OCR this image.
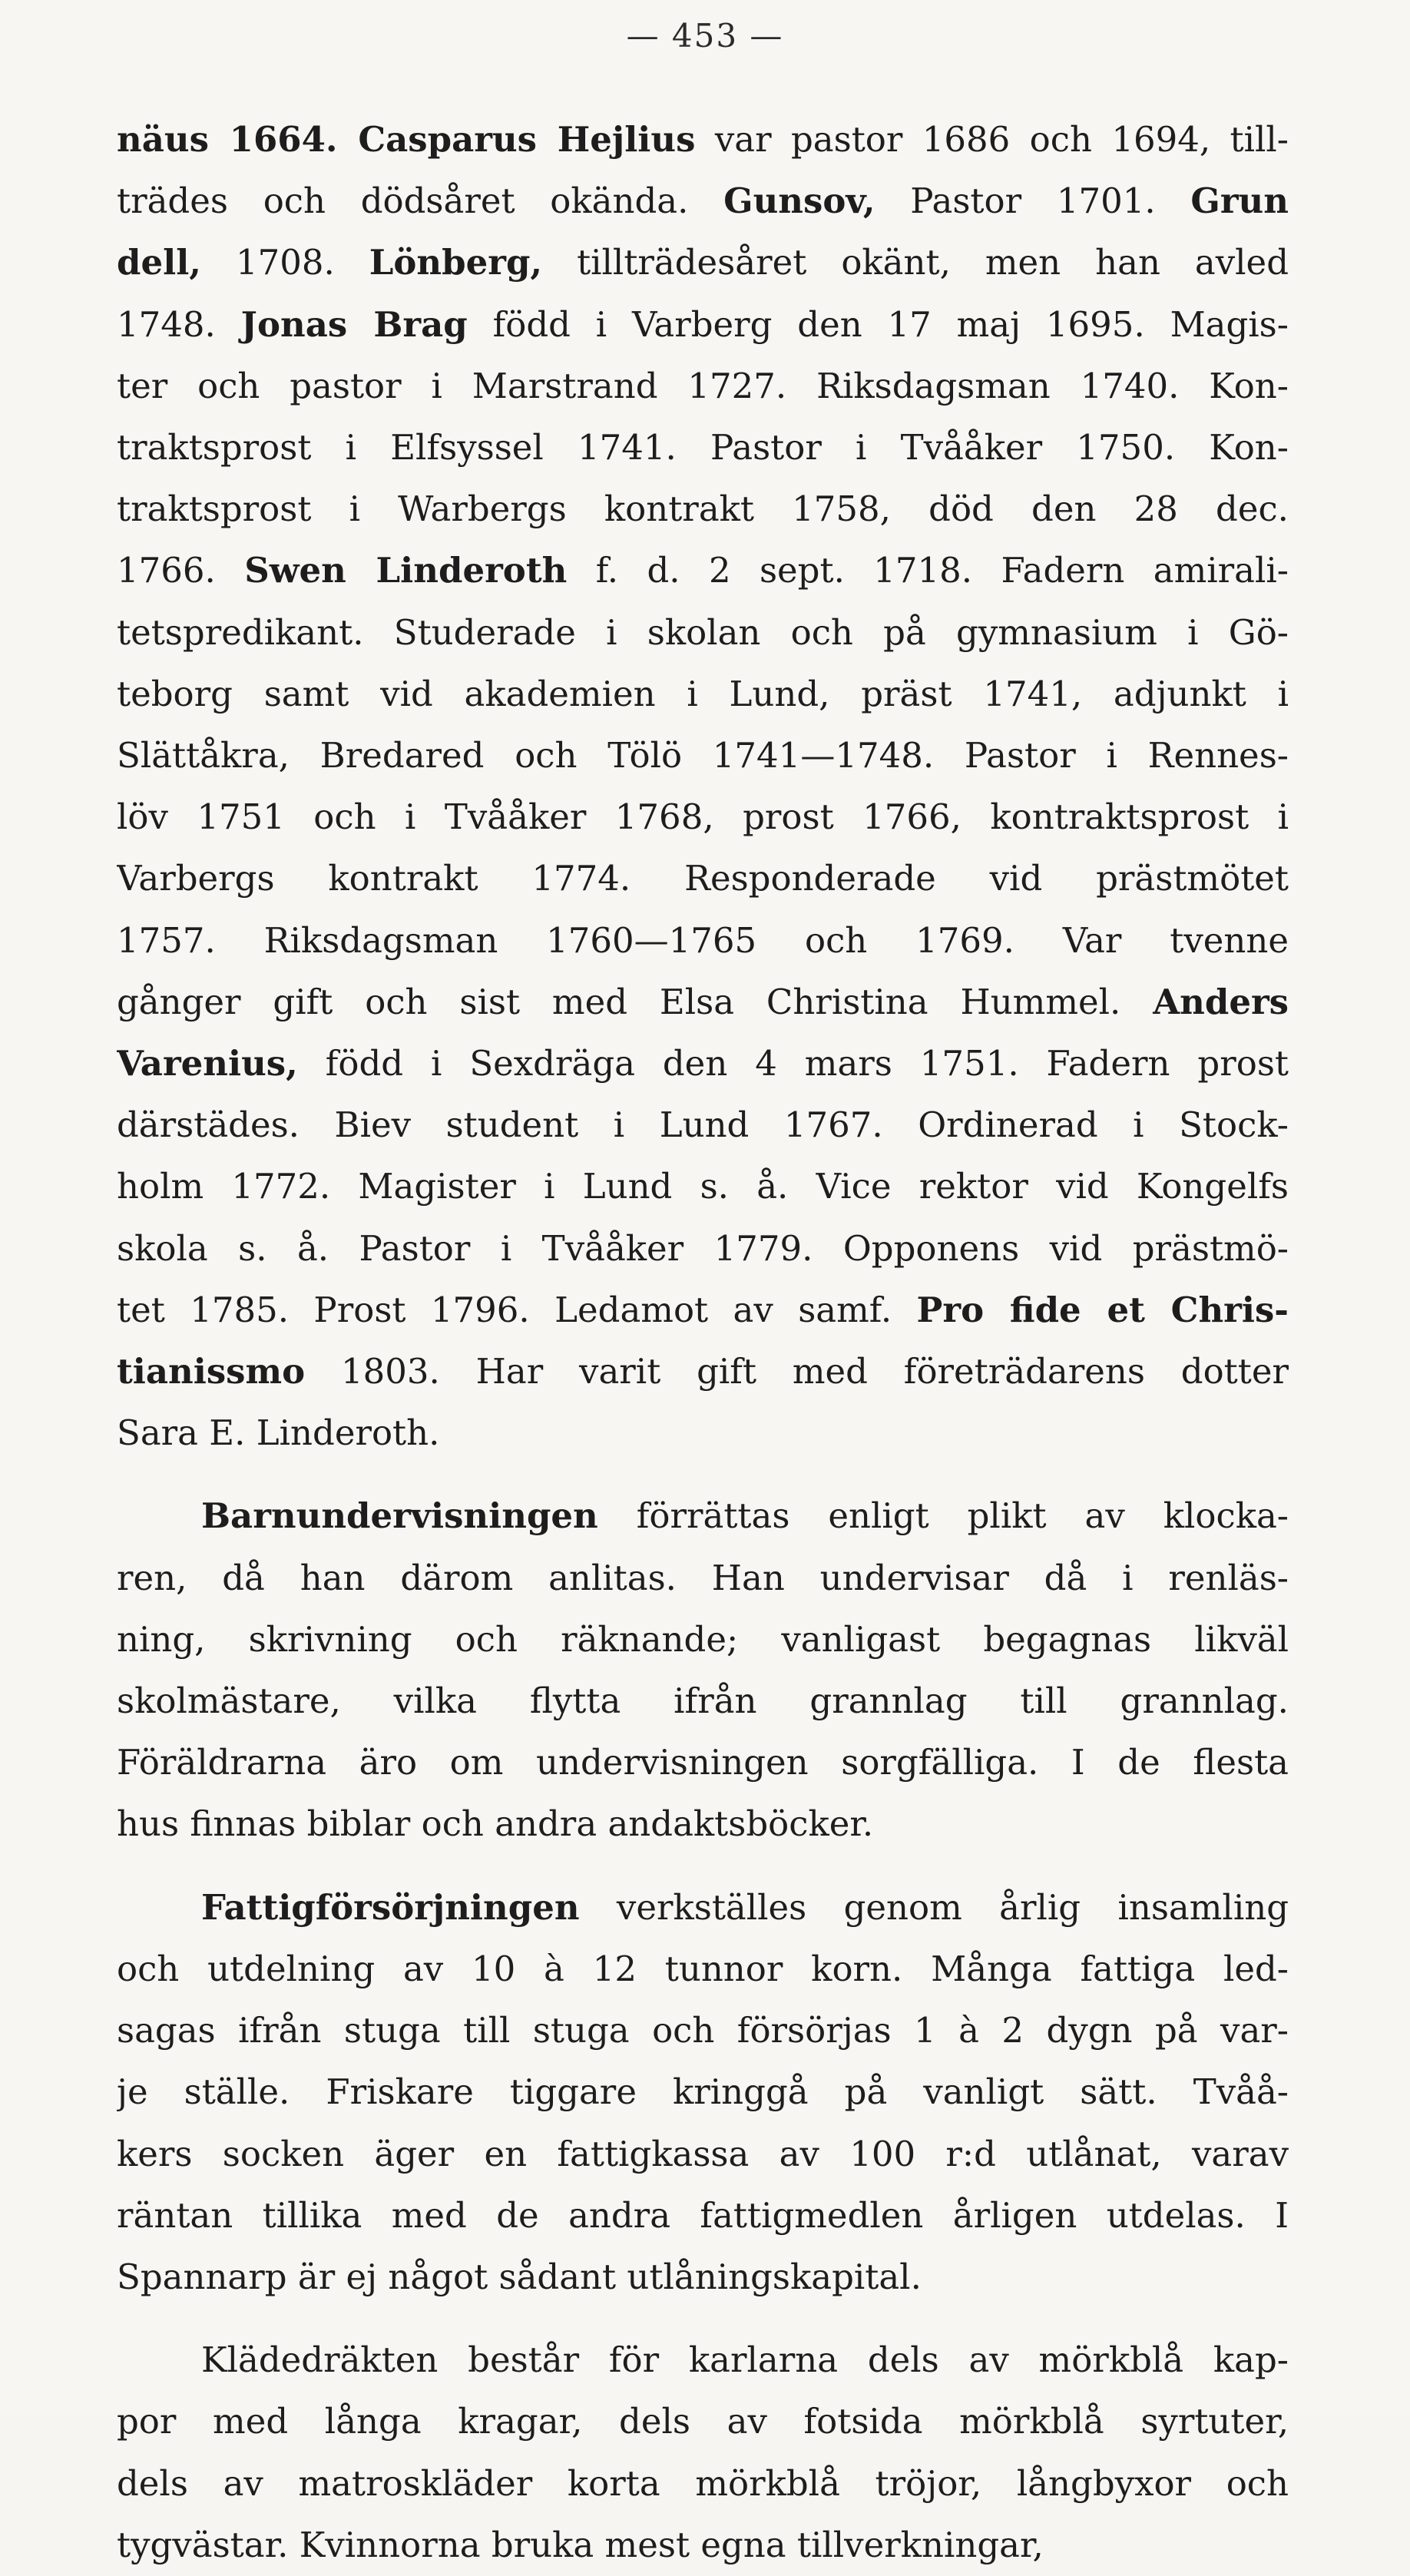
— 453 —

näus 1664. Casparus Hejlius var pastor 1686 och 1694, till-

trädes och dödsåret okända. Gunsov, Pastor 1701. Grun

dell, 1708. Lönberg, tillträdesåret okänt, men han avled

1748. Jonas Brag född i Varberg den 17 maj 1695. Magis-

ter och pastor i Marstrand 1727. Riksdagsman 1740. Kon-

traktsprost i Elfsyssel 1741. Pastor i Tvååker 1750. Kon-

traktsprost i Warbergs kontrakt 1758, död den 28 dec.

1766. Swen Linderoth f. d. 2 sept. 1718. Fadern amirali-

tetspredikant. Studerade i skolan och på gymnasium i Gö-

teborg samt vid akademien i Lund, präst 1741, adjunkt i

Slättåkra, Bredared och Tölö 1741—1748. Pastor i Rennes-

löv 1751 och i Tvååker 1768, prost 1766, kontraktsprost i

Varbergs kontrakt 1774. Responderade vid prästmötet

1757. Riksdagsman 1760—1765 och 1769. Var tvenne

gånger gift och sist med Elsa Christina Hummel. Anders

Varenius, född i Sexdräga den 4 mars 1751. Fadern prost

därstädes. Biev student i Lund 1767. Ordinerad i Stock-

holm 1772. Magister i Lund s. å. Vice rektor vid Kongelfs

skola s. å. Pastor i Tvååker 1779. Opponens vid prästmö-

tet 1785. Prost 1796. Ledamot av samf. Pro fide et Chris-

tianissmo 1803. Har varit gift med företrädarens dotter

Sara E. Linderoth.

Barnundervisningen förrättas enligt plikt av klocka-

ren, då han därom anlitas. Han undervisar då i renläs-

ning, skrivning och räknande; vanligast begagnas likväl

skolmästare, vilka flytta ifrån grannlag till grannlag.

Föräldrarna äro om undervisningen sorgfälliga. I de flesta

hus finnas biblar och andra andaktsböcker.

Fattigförsörjningen verkställes genom årlig insamling

och utdelning av 10 à 12 tunnor korn. Många fattiga led-

sagas ifrån stuga till stuga och försörjas 1 à 2 dygn på var-

je ställe. Friskare tiggare kringgå på vanligt sätt. Tvåå-

kers socken äger en fattigkassa av 100 r:d utlånat, varav

räntan tillika med de andra fattigmedlen årligen utdelas. I

Spannarp är ej något sådant utlåningskapital.

Klädedräkten består för karlarna dels av mörkblå kap-

por med långa kragar, dels av fotsida mörkblå syrtuter,

dels av matroskläder korta mörkblå tröjor, långbyxor och

tygvästar. Kvinnorna bruka mest egna tillverkningar,
